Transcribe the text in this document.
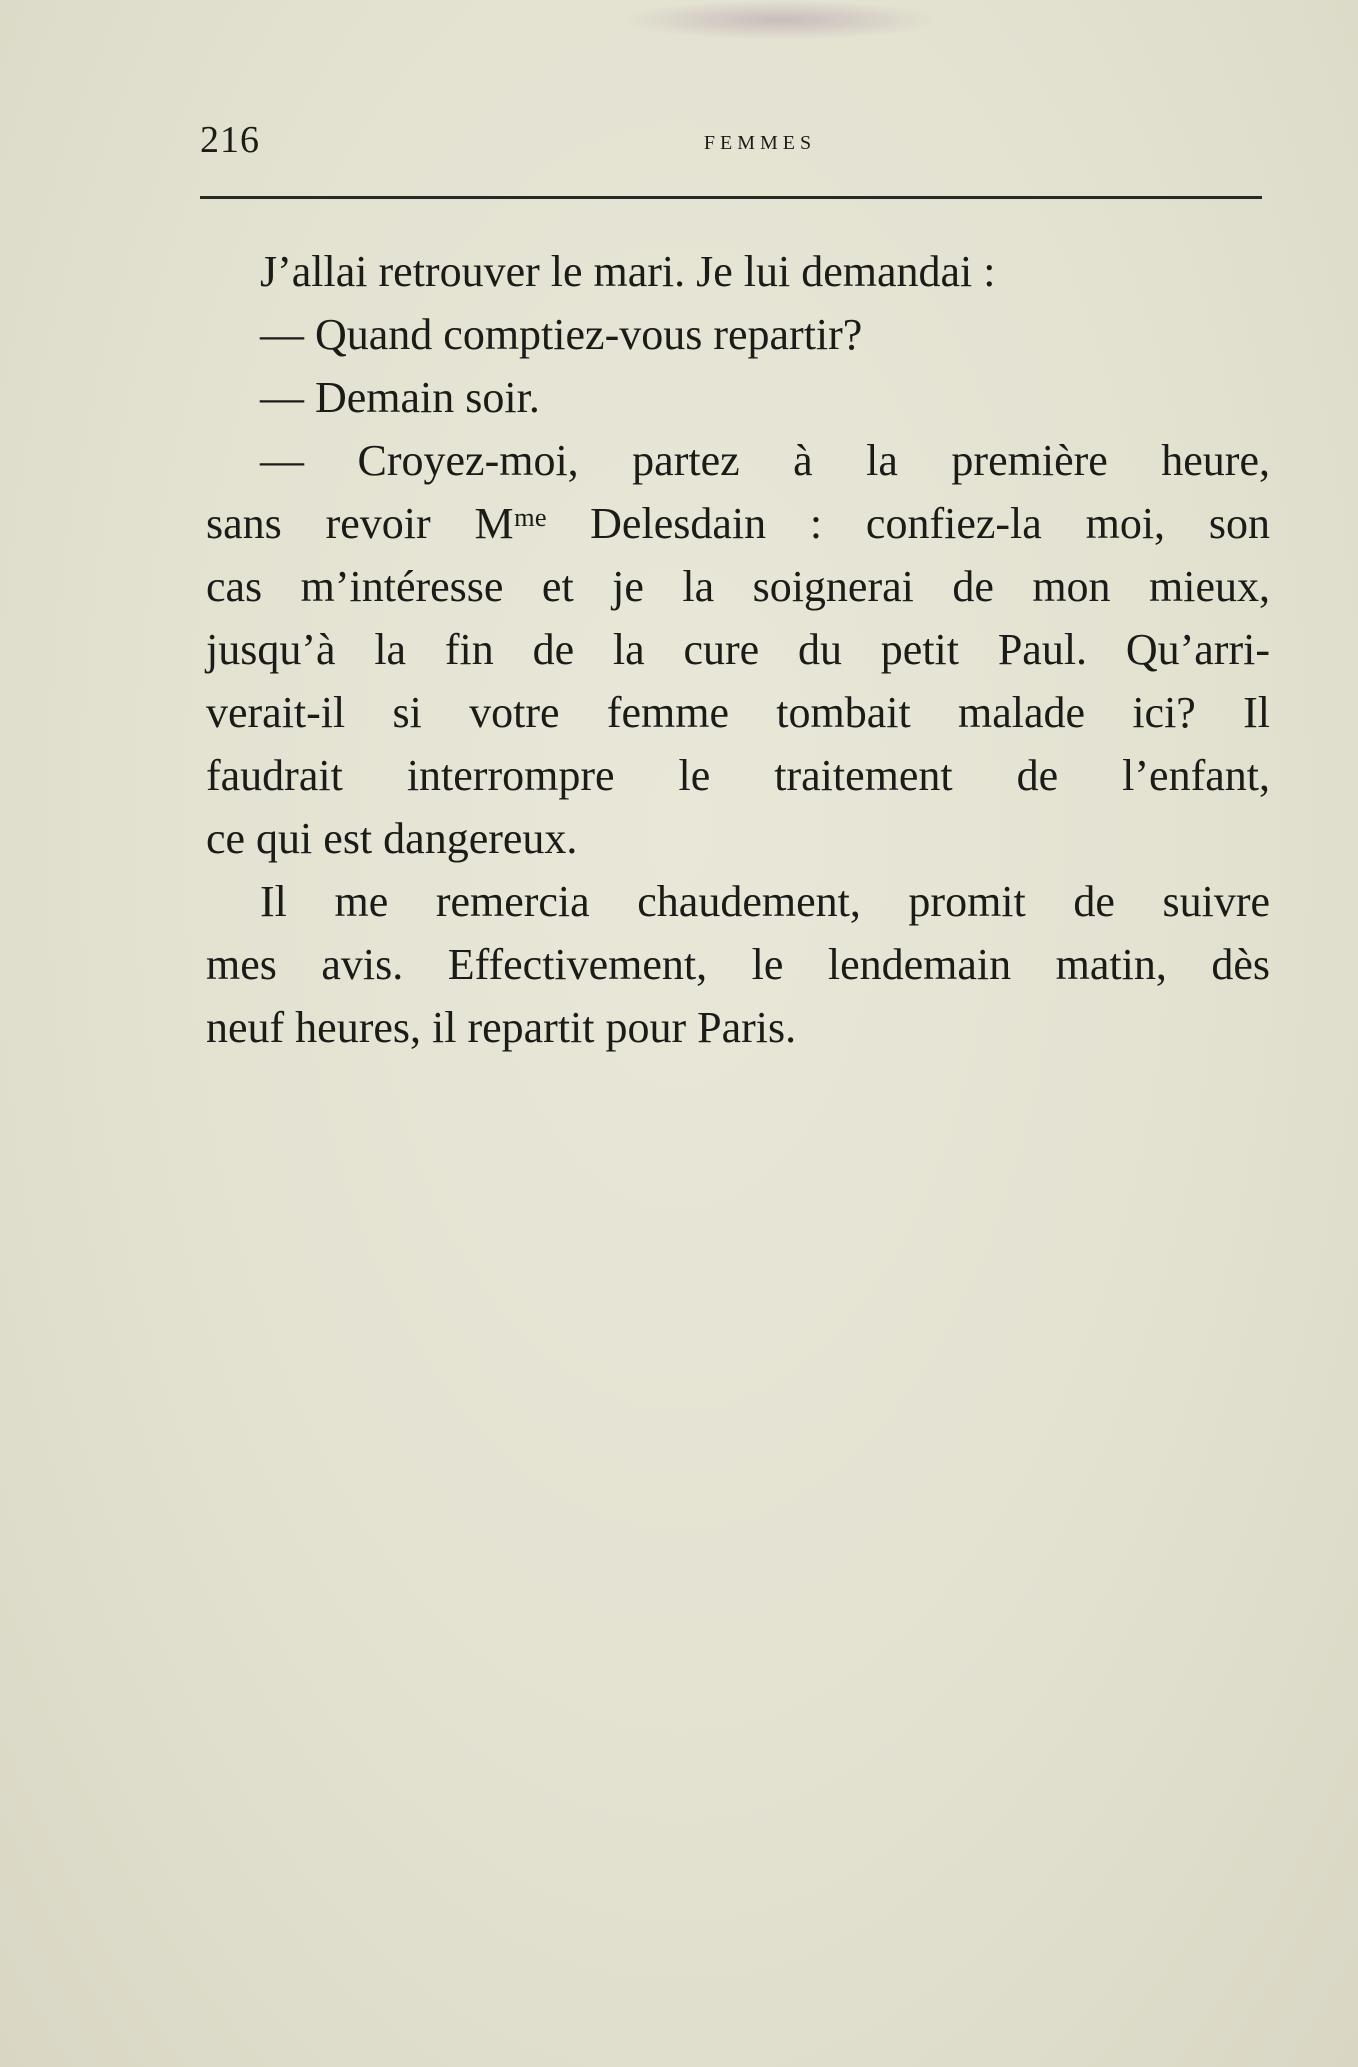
216	FEMMES
J’allai retrouver le mari. Je lui demandai :
— Quand comptiez-vous repartir?
— Demain soir.
— Croyez-moi, partez à la première heure,
sans revoir Mᵐᵉ Delesdain : confiez-la moi, son
cas m’intéresse et je la soignerai de mon mieux,
jusqu’à la fin de la cure du petit Paul. Qu’arri-
verait-il si votre femme tombait malade ici? Il
faudrait interrompre le traitement de l’enfant,
ce qui est dangereux.
Il me remercia chaudement, promit de suivre
mes avis. Effectivement, le lendemain matin, dès
neuf heures, il repartit pour Paris.
